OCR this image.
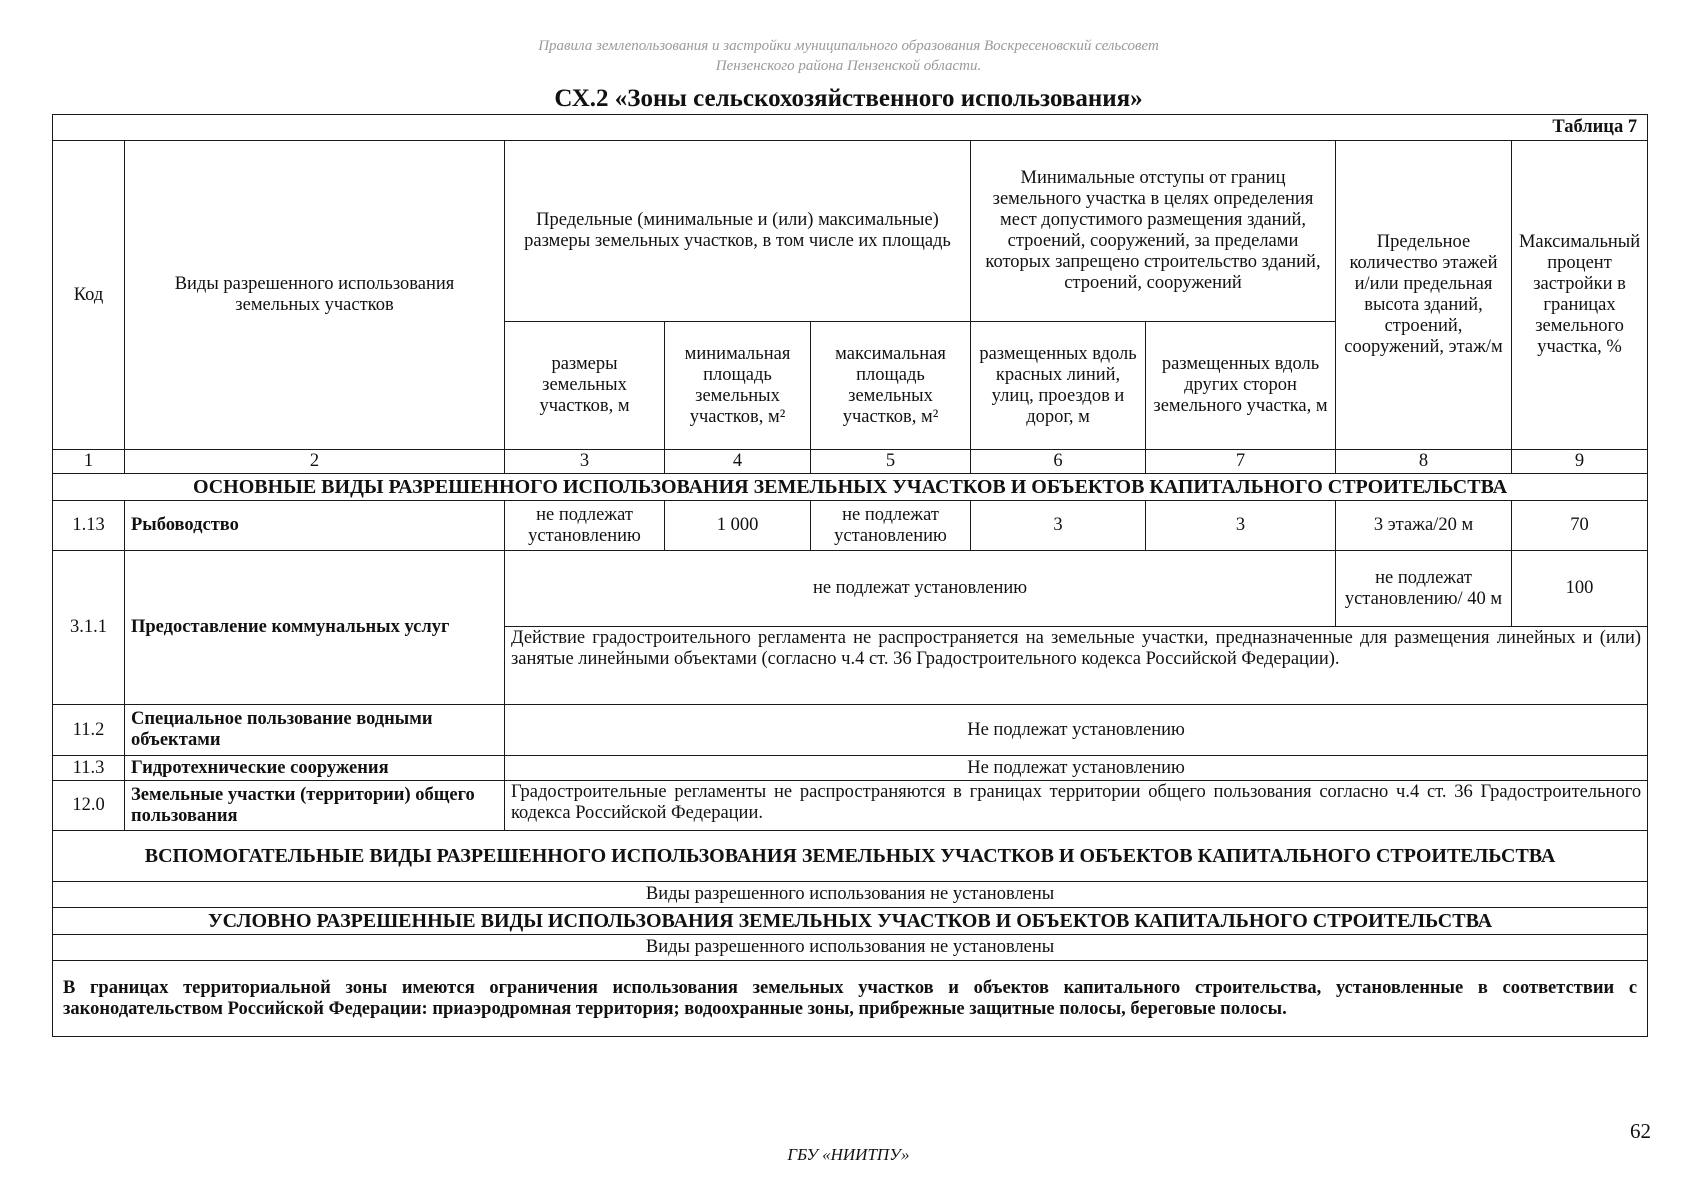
Правила землепользования и застройки муниципального образования Воскресеновский сельсовет
Пензенского района Пензенской области.
СХ.2 «Зоны сельскохозяйственного использования»
Таблица 7								
Код	Виды разрешенного использования земельных участков	Предельные (минимальные и (или) максимальные) размеры земельных участков, в том числе их площадь			Минимальные отступы от границ земельного участка в целях определения мест допустимого размещения зданий, строений, сооружений, за пределами которых запрещено строительство зданий, строений, сооружений		Предельное количество этажей и/или предельная высота зданий, строений, сооружений, этаж/м	Максимальный процент застройки в границах земельного участка, %
		размеры земельных участков, м	минимальная площадь земельных участков, м²	максимальная площадь земельных участков, м²	размещенных вдоль красных линий, улиц, проездов и дорог, м	размещенных вдоль других сторон земельного участка, м		
1	2	3	4	5	6	7	8	9
ОСНОВНЫЕ ВИДЫ РАЗРЕШЕННОГО ИСПОЛЬЗОВАНИЯ ЗЕМЕЛЬНЫХ УЧАСТКОВ И ОБЪЕКТОВ КАПИТАЛЬНОГО СТРОИТЕЛЬСТВА								
1.13	Рыбоводство	не подлежат установлению	1 000	не подлежат установлению	3	3	3 этажа/20 м	70
3.1.1	Предоставление коммунальных услуг	не подлежат установлению					не подлежат установлению/ 40 м	100
		Действие градостроительного регламента не распространяется на земельные участки, предназначенные для размещения линейных и (или) занятые линейными объектами (согласно ч.4 ст. 36 Градостроительного кодекса Российской Федерации).						
11.2	Специальное пользование водными объектами	Не подлежат установлению						
11.3	Гидротехнические сооружения	Не подлежат установлению						
12.0	Земельные участки (территории) общего пользования	Градостроительные регламенты не распространяются в границах территории общего пользования согласно ч.4 ст. 36 Градостроительного кодекса Российской Федерации.						
ВСПОМОГАТЕЛЬНЫЕ ВИДЫ РАЗРЕШЕННОГО ИСПОЛЬЗОВАНИЯ ЗЕМЕЛЬНЫХ УЧАСТКОВ И ОБЪЕКТОВ КАПИТАЛЬНОГО СТРОИТЕЛЬСТВА								
Виды разрешенного использования не установлены								
УСЛОВНО РАЗРЕШЕННЫЕ ВИДЫ ИСПОЛЬЗОВАНИЯ ЗЕМЕЛЬНЫХ УЧАСТКОВ И ОБЪЕКТОВ КАПИТАЛЬНОГО СТРОИТЕЛЬСТВА								
Виды разрешенного использования не установлены								
В границах территориальной зоны имеются ограничения использования земельных участков и объектов капитального строительства, установленные в соответствии с законодательством Российской Федерации: приаэродромная территория; водоохранные зоны, прибрежные защитные полосы, береговые полосы.								
62
ГБУ «НИИТПУ»
